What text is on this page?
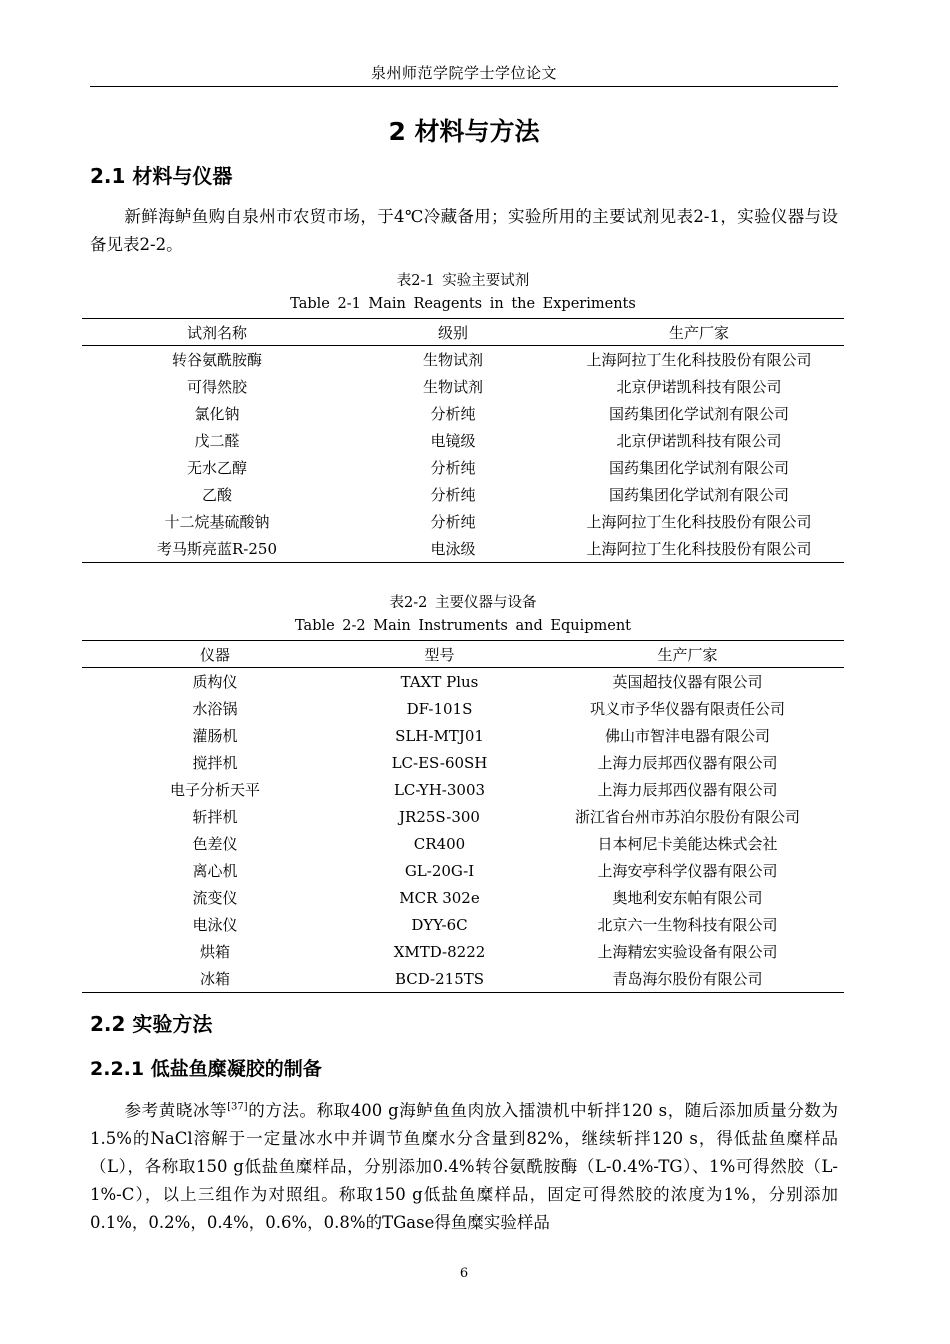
泉州师范学院学士学位论文
2 材料与方法
2.1 材料与仪器

新鲜海鲈鱼购自泉州市农贸市场，于4℃冷藏备用；实验所用的主要试剂见表2-1，实验仪器与设备见表2-2。

表2-1 实验主要试剂
Table 2-1 Main Reagents in the Experiments
试剂名称	级别	生产厂家
转谷氨酰胺酶	生物试剂	上海阿拉丁生化科技股份有限公司
可得然胶	生物试剂	北京伊诺凯科技有限公司
氯化钠	分析纯	国药集团化学试剂有限公司
戊二醛	电镜级	北京伊诺凯科技有限公司
无水乙醇	分析纯	国药集团化学试剂有限公司
乙酸	分析纯	国药集团化学试剂有限公司
十二烷基硫酸钠	分析纯	上海阿拉丁生化科技股份有限公司
考马斯亮蓝R-250	电泳级	上海阿拉丁生化科技股份有限公司
表2-2 主要仪器与设备
Table 2-2 Main Instruments and Equipment
仪器	型号	生产厂家
质构仪	TAXT Plus	英国超技仪器有限公司
水浴锅	DF-101S	巩义市予华仪器有限责任公司
灌肠机	SLH-MTJ01	佛山市智沣电器有限公司
搅拌机	LC-ES-60SH	上海力辰邦西仪器有限公司
电子分析天平	LC-YH-3003	上海力辰邦西仪器有限公司
斩拌机	JR25S-300	浙江省台州市苏泊尔股份有限公司
色差仪	CR400	日本柯尼卡美能达株式会社
离心机	GL-20G-I	上海安亭科学仪器有限公司
流变仪	MCR 302e	奥地利安东帕有限公司
电泳仪	DYY-6C	北京六一生物科技有限公司
烘箱	XMTD-8222	上海精宏实验设备有限公司
冰箱	BCD-215TS	青岛海尔股份有限公司
2.2 实验方法
2.2.1 低盐鱼糜凝胶的制备

参考黄晓冰等[37]的方法。称取400 g海鲈鱼鱼肉放入擂溃机中斩拌120 s，随后添加质量分数为1.5%的NaCl溶解于一定量冰水中并调节鱼糜水分含量到82%，继续斩拌120 s，得低盐鱼糜样品（L），各称取150 g低盐鱼糜样品，分别添加0.4%转谷氨酰胺酶（L-0.4%-TG）、1%可得然胶（L-1%-C），以上三组作为对照组。称取150 g低盐鱼糜样品，固定可得然胶的浓度为1%，分别添加0.1%，0.2%，0.4%，0.6%，0.8%的TGase得鱼糜实验样品

6
